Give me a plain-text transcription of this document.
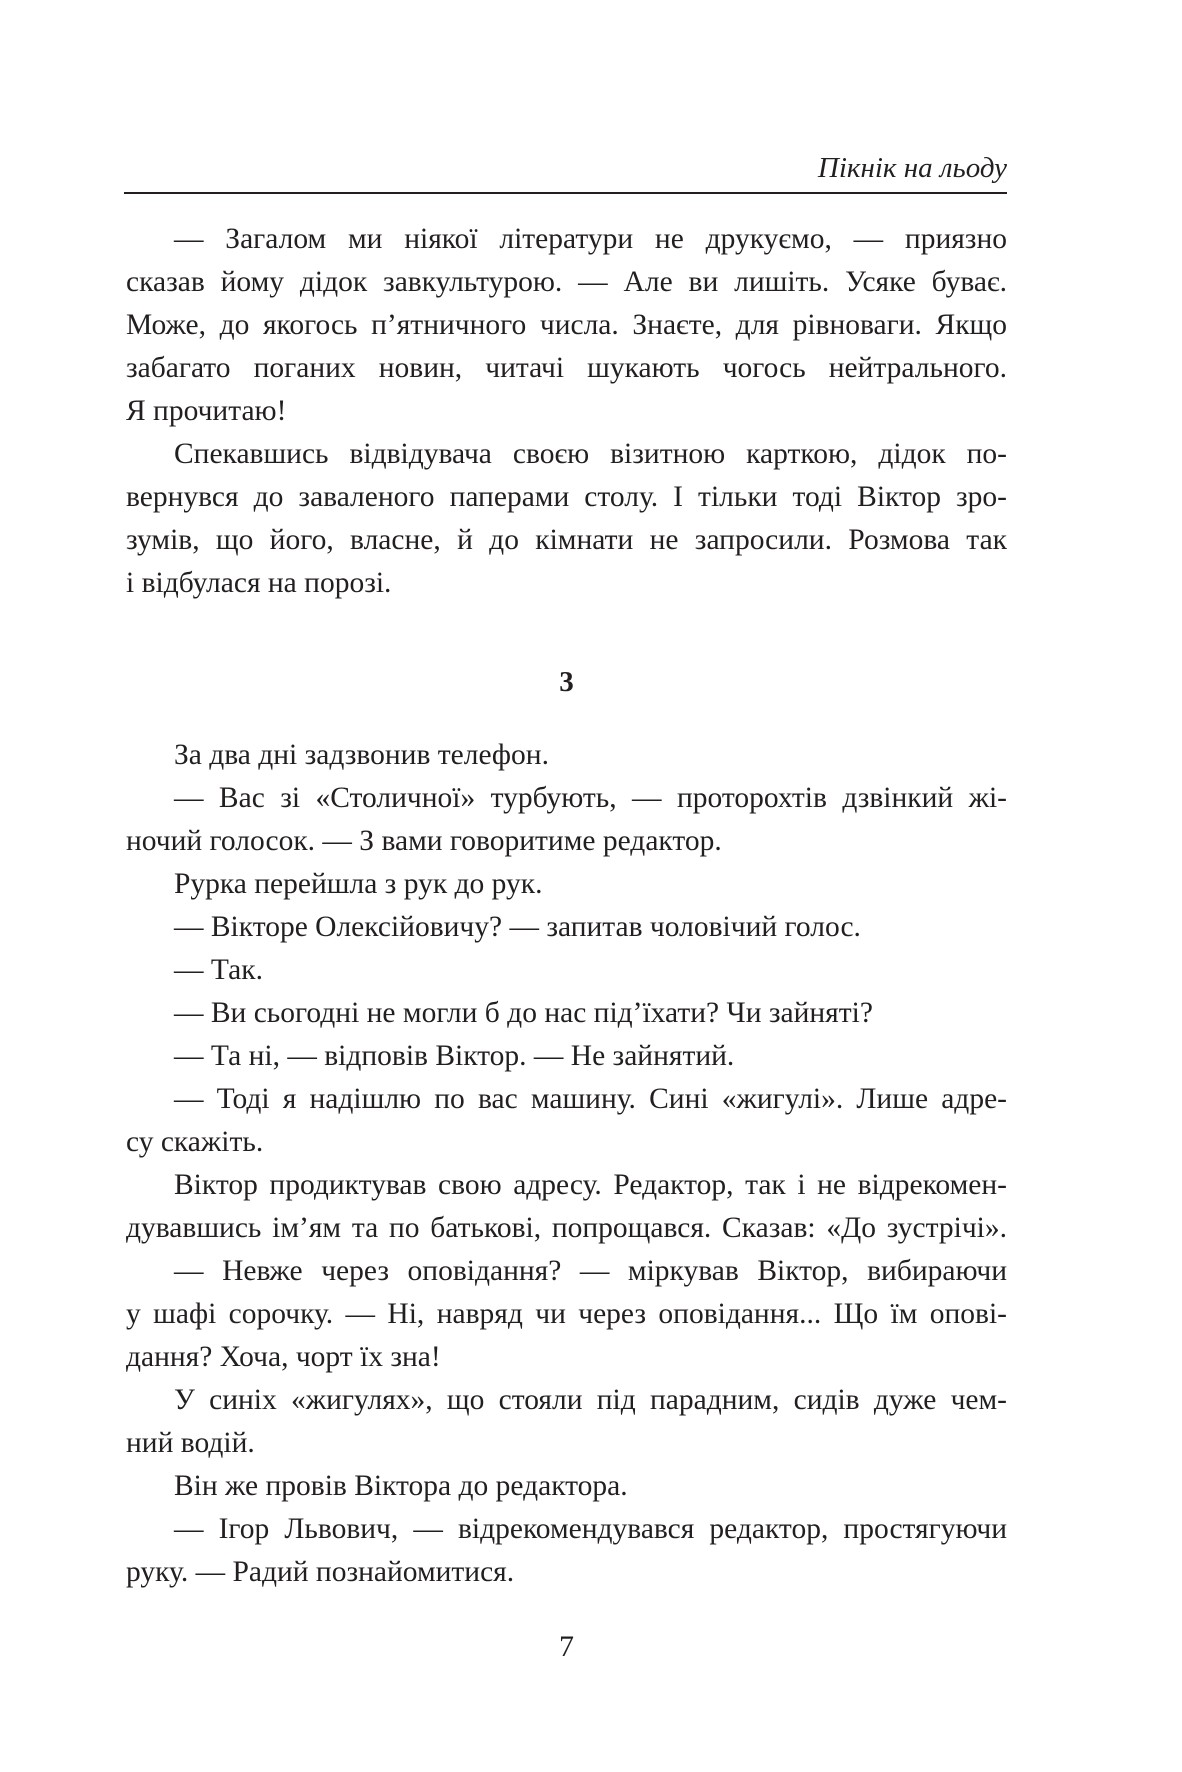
Пікнік на льоду
— Загалом ми ніякої літератури не друкуємо, — приязно
сказав йому дідок завкультурою. — Але ви лишіть. Усяке буває.
Може, до якогось п’ятничного числа. Знаєте, для рівноваги. Якщо
забагато поганих новин, читачі шукають чогось нейтрального.
Я прочитаю!
Спекавшись відвідувача своєю візитною карткою, дідок по-
вернувся до заваленого паперами столу. І тільки тоді Віктор зро-
зумів, що його, власне, й до кімнати не запросили. Розмова так
і відбулася на порозі.
3
За два дні задзвонив телефон.
— Вас зі «Столичної» турбують, — проторохтів дзвінкий жі-
ночий голосок. — З вами говоритиме редактор.
Рурка перейшла з рук до рук.
— Вікторе Олексійовичу? — запитав чоловічий голос.
— Так.
— Ви сьогодні не могли б до нас під’їхати? Чи зайняті?
— Та ні, — відповів Віктор. — Не зайнятий.
— Тоді я надішлю по вас машину. Сині «жигулі». Лише адре-
су скажіть.
Віктор продиктував свою адресу. Редактор, так і не відрекомен-
дувавшись ім’ям та по батькові, попрощався. Сказав: «До зустрічі».
— Невже через оповідання? — міркував Віктор, вибираючи
у шафі сорочку. — Ні, навряд чи через оповідання... Що їм опові-
дання? Хоча, чорт їх зна!
У синіх «жигулях», що стояли під парадним, сидів дуже чем-
ний водій.
Він же провів Віктора до редактора.
— Ігор Львович, — відрекомендувався редактор, простягуючи
руку. — Радий познайомитися.
7
